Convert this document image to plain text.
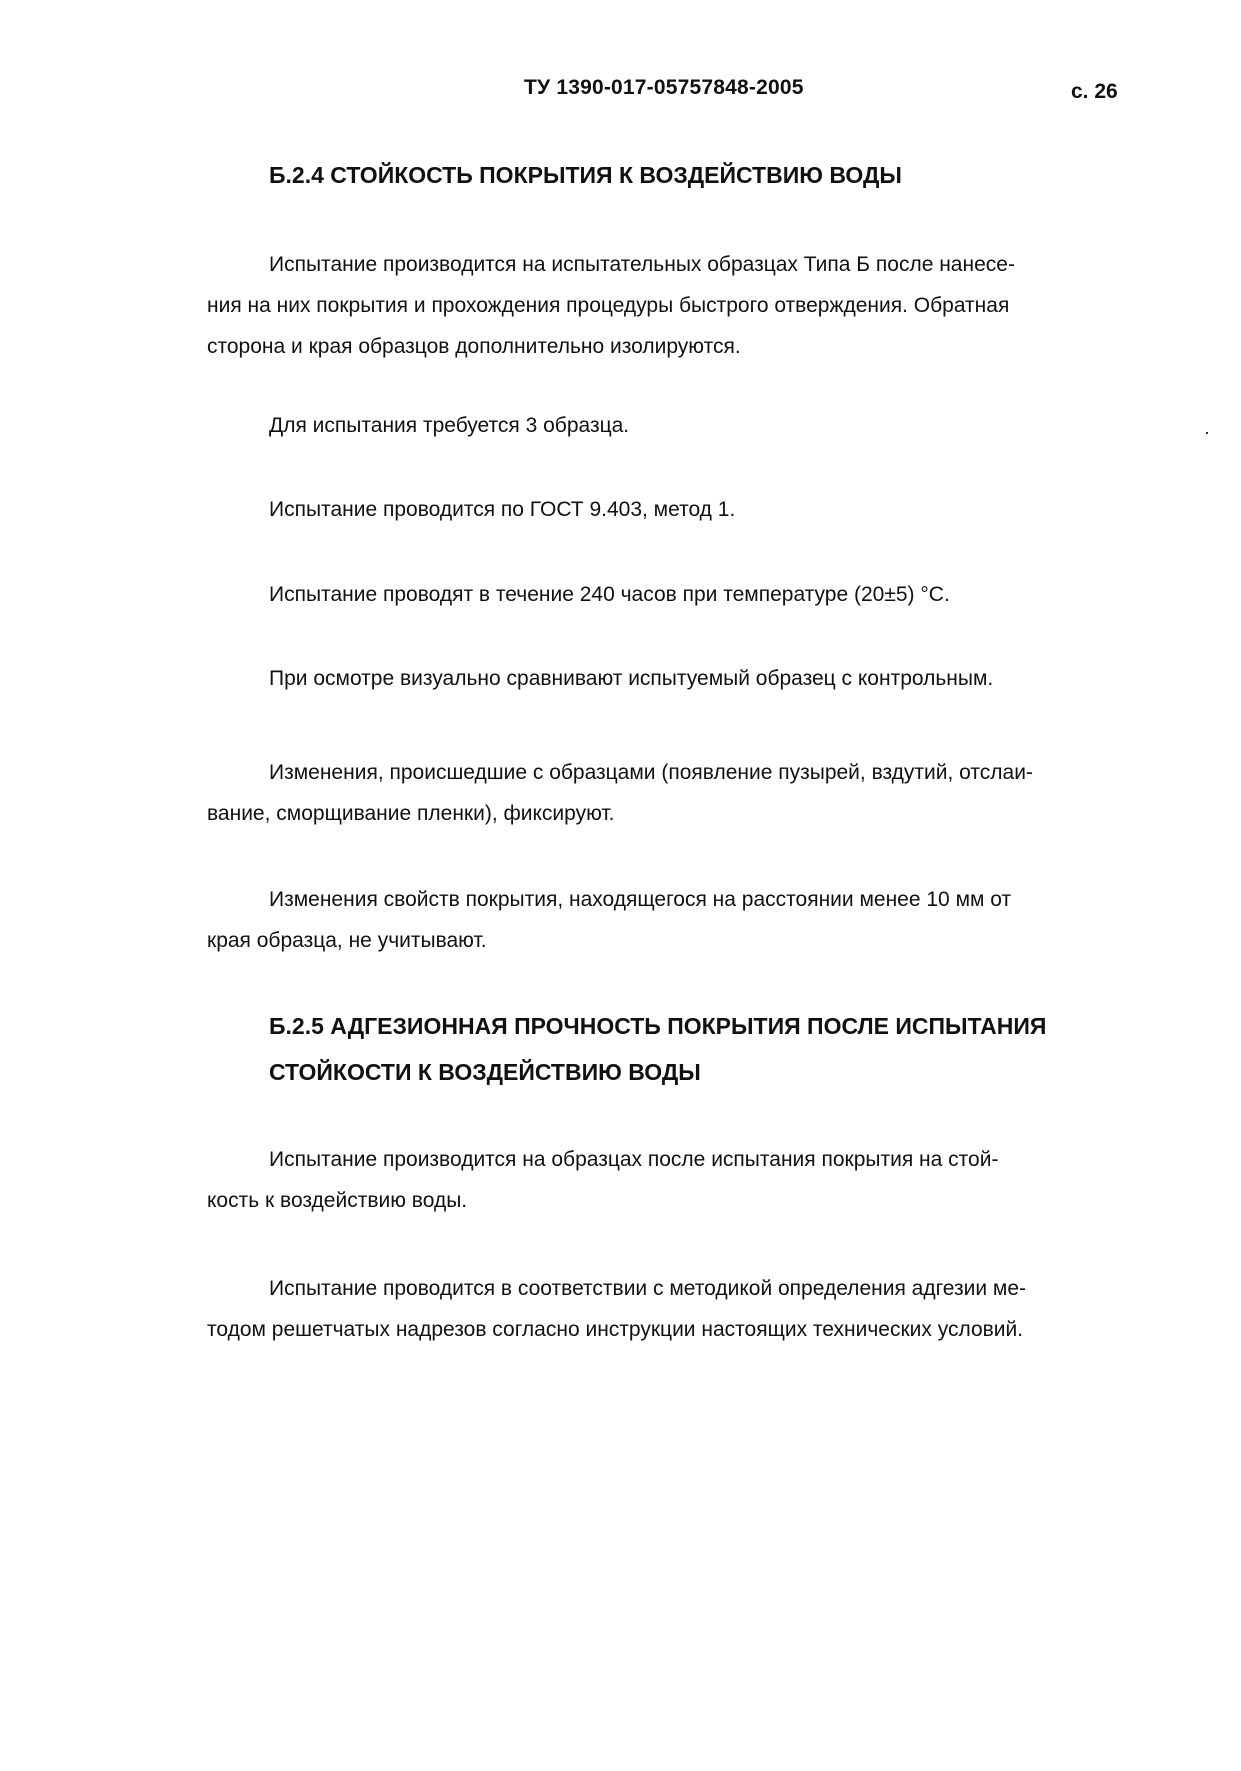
ТУ 1390-017-05757848-2005	с. 26
Б.2.4 СТОЙКОСТЬ ПОКРЫТИЯ К ВОЗДЕЙСТВИЮ ВОДЫ
Испытание производится на испытательных образцах Типа Б после нанесе-
ния на них покрытия и прохождения процедуры быстрого отверждения. Обратная
сторона и края образцов дополнительно изолируются.
Для испытания требуется 3 образца.
Испытание проводится по ГОСТ 9.403, метод 1.
Испытание проводят в течение 240 часов при температуре (20±5) °С.
При осмотре визуально сравнивают испытуемый образец с контрольным.
Изменения, происшедшие с образцами (появление пузырей, вздутий, отслаи-
вание, сморщивание пленки), фиксируют.
Изменения свойств покрытия, находящегося на расстоянии менее 10 мм от
края образца, не учитывают.
Б.2.5 АДГЕЗИОННАЯ ПРОЧНОСТЬ ПОКРЫТИЯ ПОСЛЕ ИСПЫТАНИЯ
СТОЙКОСТИ К ВОЗДЕЙСТВИЮ ВОДЫ
Испытание производится на образцах после испытания покрытия на стой-
кость к воздействию воды.
Испытание проводится в соответствии с методикой определения адгезии ме-
тодом решетчатых надрезов согласно инструкции настоящих технических условий.
